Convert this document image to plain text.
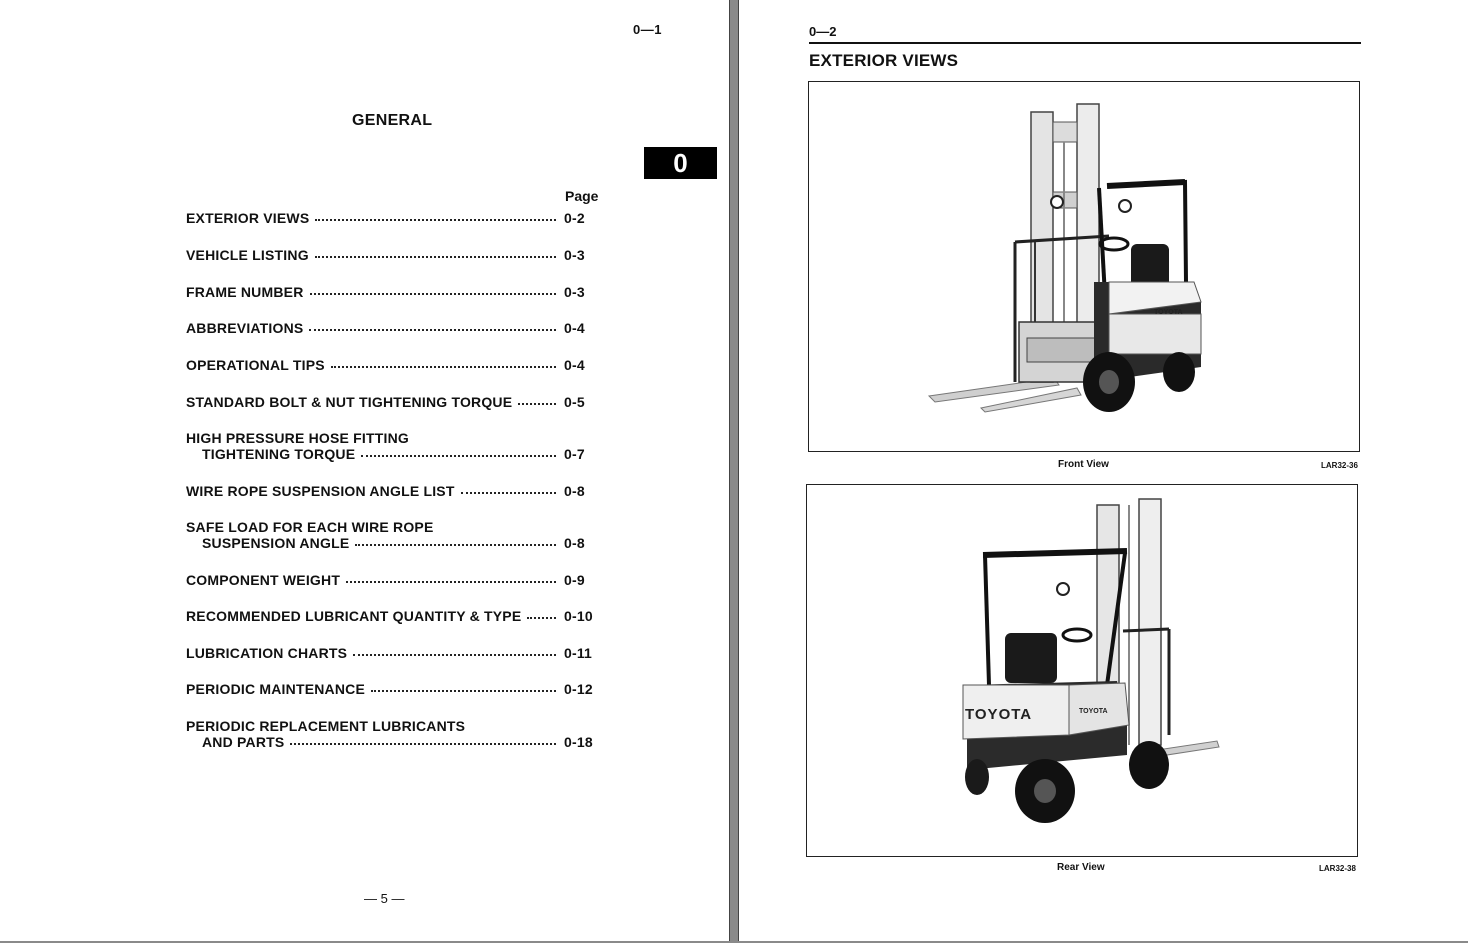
0—1
GENERAL
0
Page
EXTERIOR VIEWS	0-2
VEHICLE LISTING	0-3
FRAME NUMBER	0-3
ABBREVIATIONS	0-4
OPERATIONAL TIPS	0-4
STANDARD BOLT & NUT TIGHTENING TORQUE	0-5
HIGH PRESSURE HOSE FITTING
TIGHTENING TORQUE	0-7
WIRE ROPE SUSPENSION ANGLE LIST	0-8
SAFE LOAD FOR EACH WIRE ROPE
SUSPENSION ANGLE	0-8
COMPONENT WEIGHT	0-9
RECOMMENDED LUBRICANT QUANTITY & TYPE	0-10
LUBRICATION CHARTS	0-11
PERIODIC MAINTENANCE	0-12
PERIODIC REPLACEMENT LUBRICANTS
AND PARTS	0-18
— 5 —
0—2
EXTERIOR VIEWS
TOYOTA
Front View	LAR32-36
TOYOTA	TOYOTA
Rear View	LAR32-38
